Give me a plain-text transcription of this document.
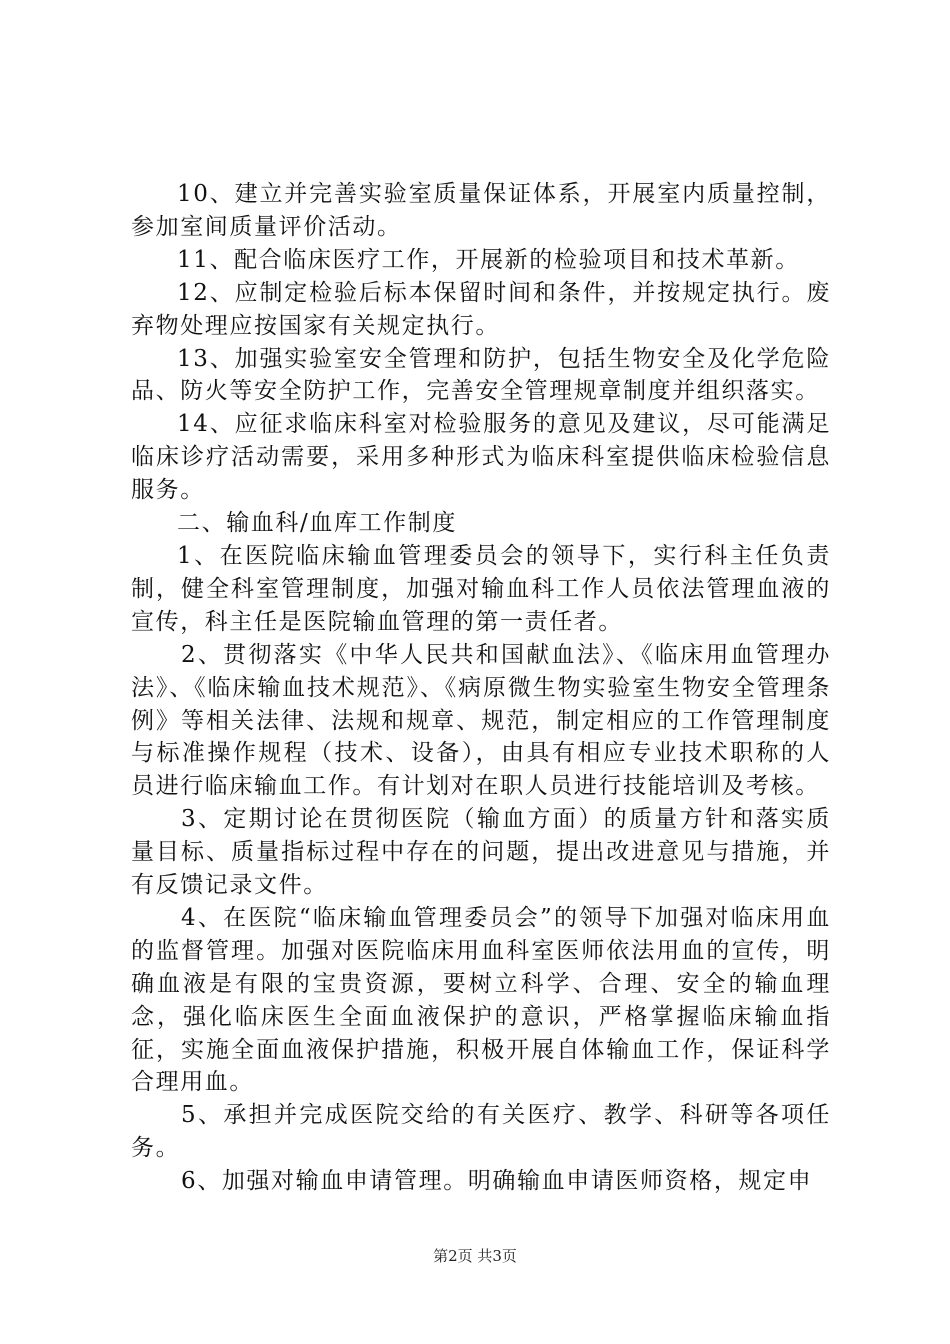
10、建立并完善实验室质量保证体系，开展室内质量控制，参加室间质量评价活动。

11、配合临床医疗工作，开展新的检验项目和技术革新。

12、应制定检验后标本保留时间和条件，并按规定执行。废弃物处理应按国家有关规定执行。

13、加强实验室安全管理和防护，包括生物安全及化学危险品、防火等安全防护工作，完善安全管理规章制度并组织落实。

14、应征求临床科室对检验服务的意见及建议，尽可能满足临床诊疗活动需要，采用多种形式为临床科室提供临床检验信息服务。

二、输血科/血库工作制度

1、在医院临床输血管理委员会的领导下，实行科主任负责制，健全科室管理制度，加强对输血科工作人员依法管理血液的宣传，科主任是医院输血管理的第一责任者。

2、贯彻落实《中华人民共和国献血法》、《临床用血管理办法》、《临床输血技术规范》、《病原微生物实验室生物安全管理条例》等相关法律、法规和规章、规范，制定相应的工作管理制度与标准操作规程（技术、设备），由具有相应专业技术职称的人员进行临床输血工作。有计划对在职人员进行技能培训及考核。

3、定期讨论在贯彻医院（输血方面）的质量方针和落实质量目标、质量指标过程中存在的问题，提出改进意见与措施，并有反馈记录文件。

4、在医院“临床输血管理委员会”的领导下加强对临床用血的监督管理。加强对医院临床用血科室医师依法用血的宣传，明确血液是有限的宝贵资源，要树立科学、合理、安全的输血理念，强化临床医生全面血液保护的意识，严格掌握临床输血指征，实施全面血液保护措施，积极开展自体输血工作，保证科学合理用血。

5、承担并完成医院交给的有关医疗、教学、科研等各项任务。

6、加强对输血申请管理。明确输血申请医师资格，规定申

第2页 共3页
